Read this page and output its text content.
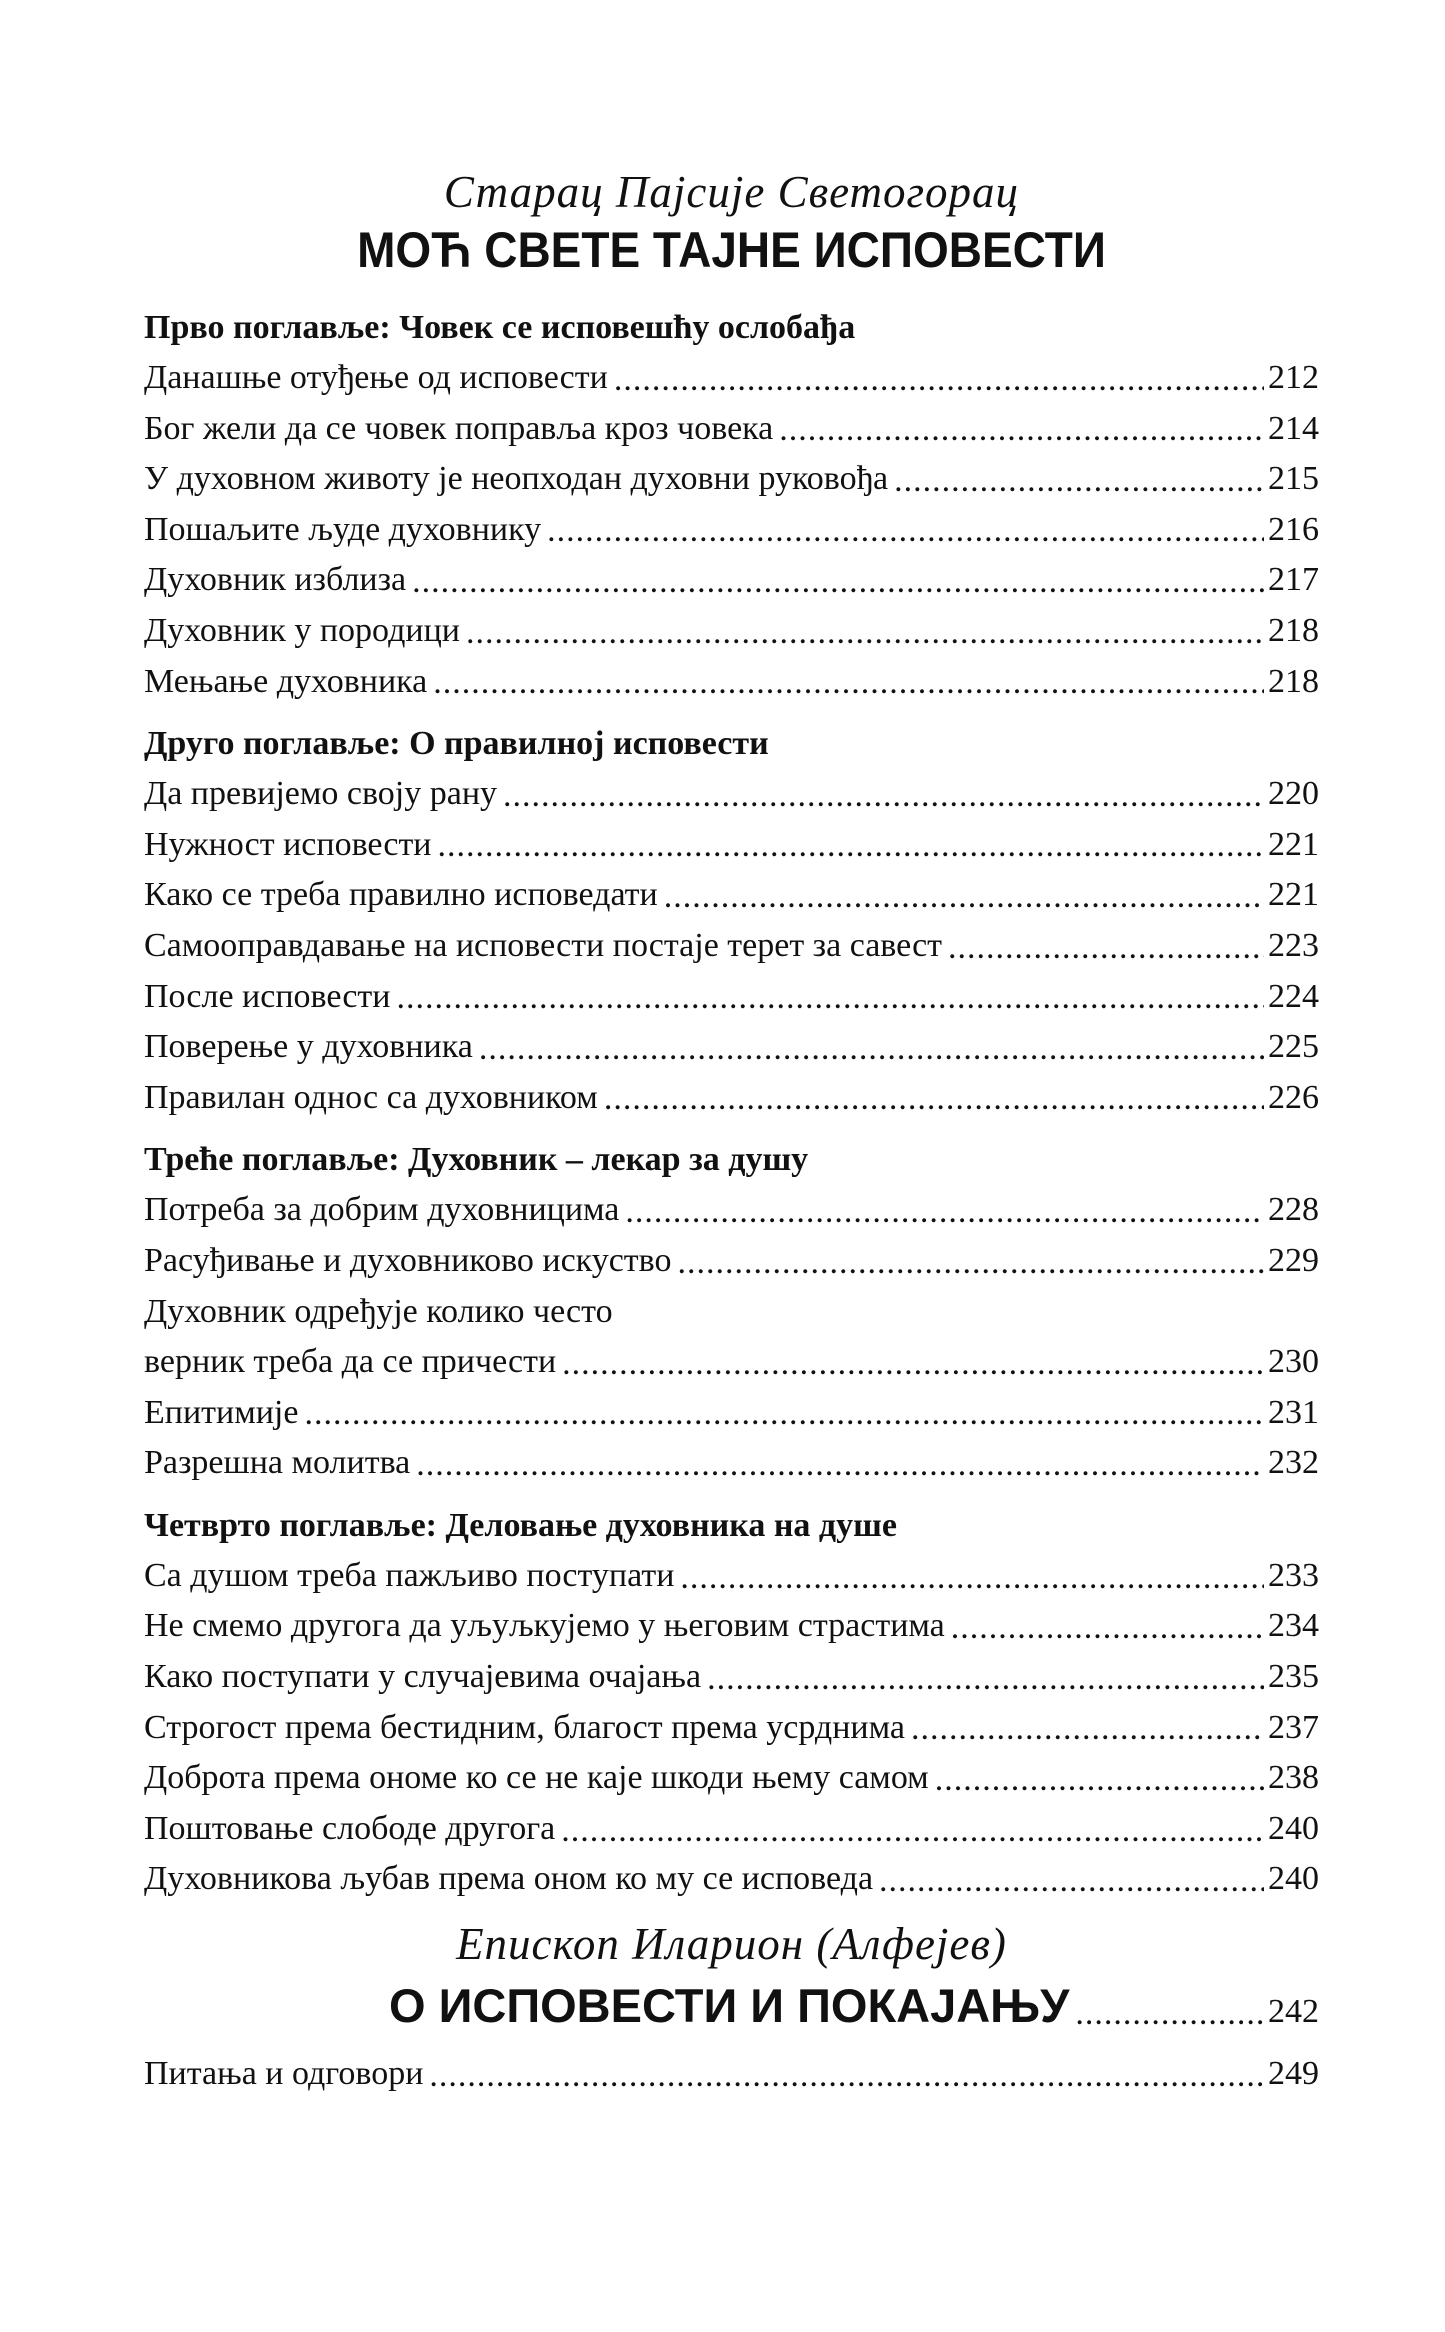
Старац Пајсије Светогорац
МОЋ СВЕТЕ ТАЈНЕ ИСПОВЕСТИ
Прво поглавље: Човек се исповешћу ослобађа
Данашње отуђење од исповести .....	212
Бог жели да се човек поправља кроз човека .....	214
У духовном животу је неопходан духовни руковођа .....	215
Пошаљите људе духовнику .....	216
Духовник изблиза .....	217
Духовник у породици .....	218
Мењање духовника .....	218
Друго поглавље: О правилној исповести
Да превијемо своју рану .....	220
Нужност исповести .....	221
Како се треба правилно исповедати .....	221
Самооправдавање на исповести постаје терет за савест .....	223
После исповести .....	224
Поверење у духовника .....	225
Правилан однос са духовником .....	226
Треће поглавље: Духовник – лекар за душу
Потреба за добрим духовницима .....	228
Расуђивање и духовниково искуство .....	229
Духовник одређује колико често
верник треба да се причести .....	230
Епитимије .....	231
Разрешна молитва .....	232
Четврто поглавље: Деловање духовника на душе
Са душом треба пажљиво поступати .....	233
Не смемо другога да уљуљкујемо у његовим страстима .....	234
Како поступати у случајевима очајања .....	235
Строгост према бестидним, благост према усрднима .....	237
Доброта према ономе ко се не каје шкоди њему самом .....	238
Поштовање слободе другога .....	240
Духовникова љубав према оном ко му се исповеда .....	240
Епископ Иларион (Алфејев)
О ИСПОВЕСТИ И ПОКАЈАЊУ .....	242
Питања и одговори .....	249
